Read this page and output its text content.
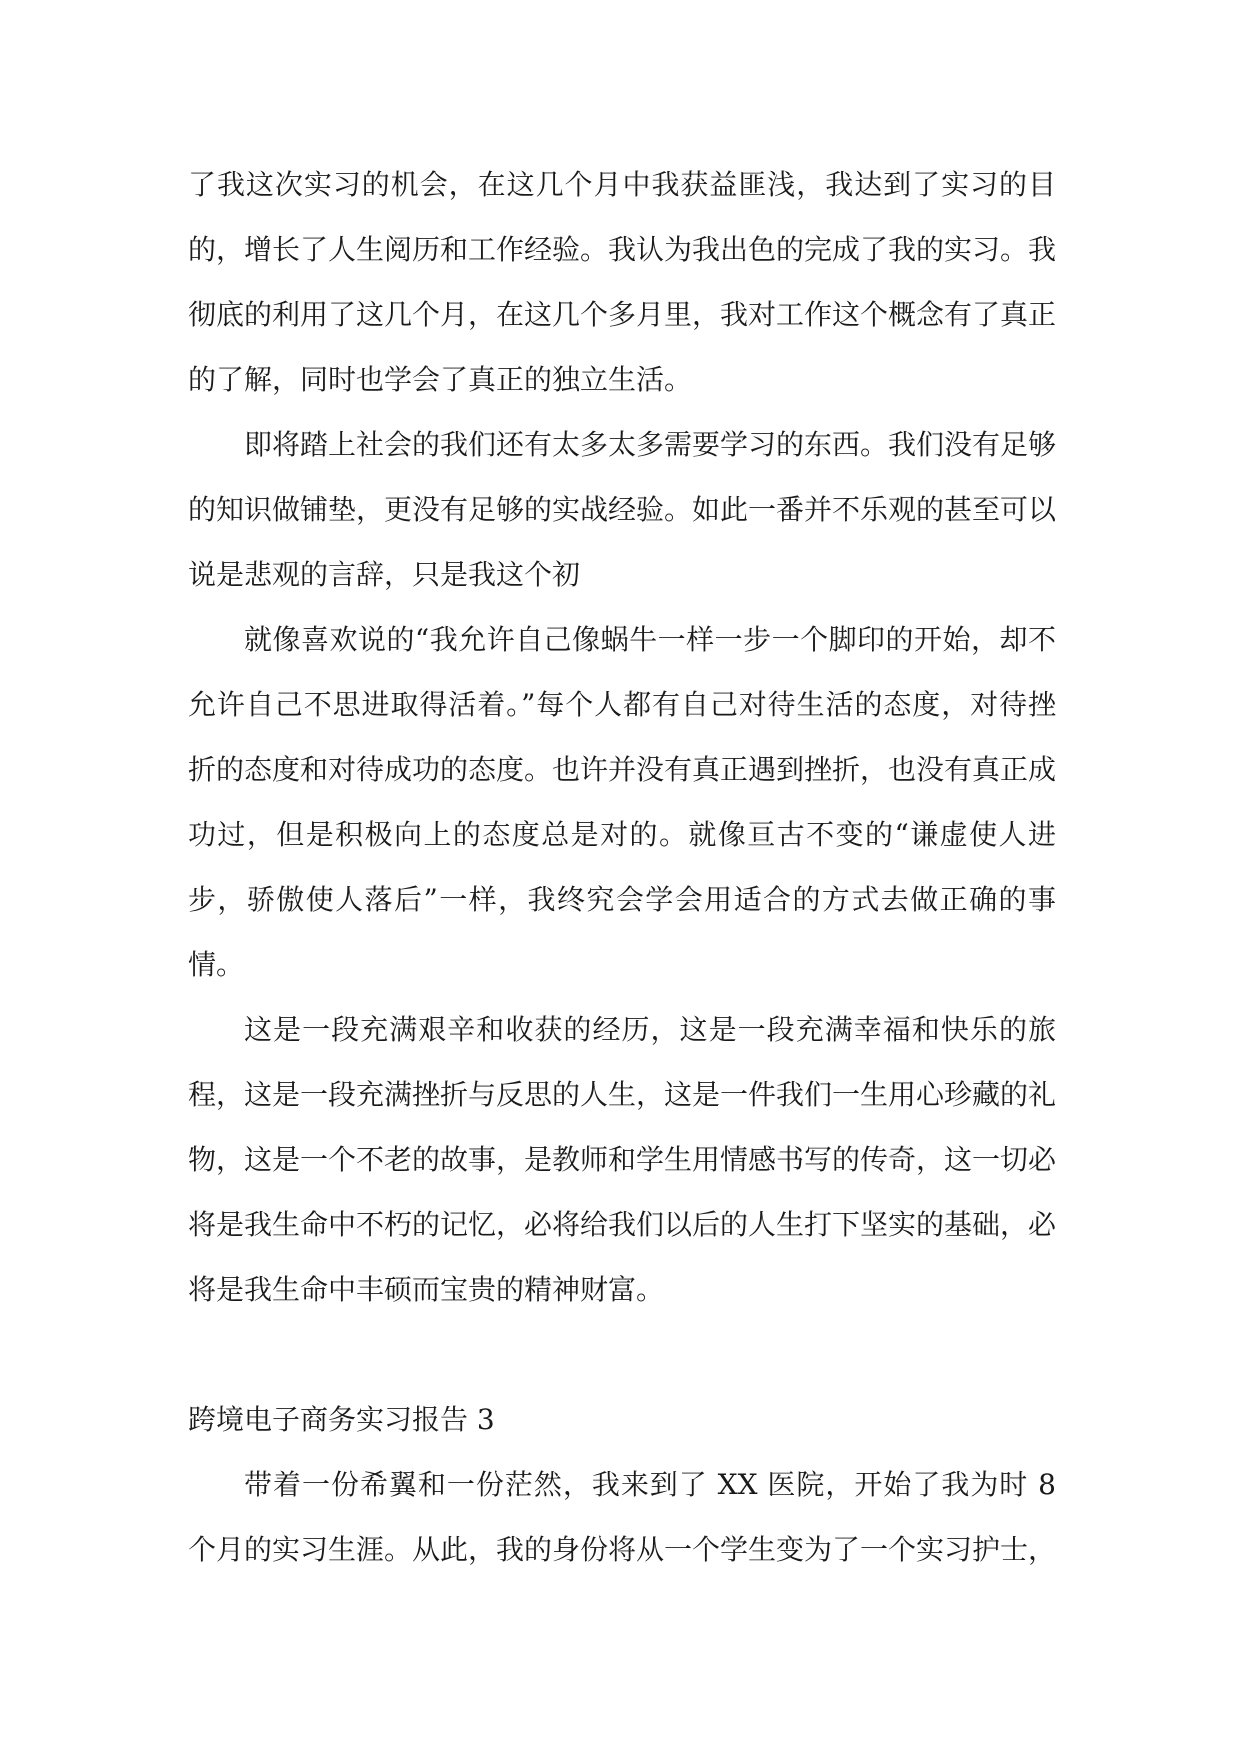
了我这次实习的机会，在这几个月中我获益匪浅，我达到了实习的目的，增长了人生阅历和工作经验。我认为我出色的完成了我的实习。我彻底的利用了这几个月，在这几个多月里，我对工作这个概念有了真正的了解，同时也学会了真正的独立生活。

即将踏上社会的我们还有太多太多需要学习的东西。我们没有足够的知识做铺垫，更没有足够的实战经验。如此一番并不乐观的甚至可以说是悲观的言辞，只是我这个初

就像喜欢说的“我允许自己像蜗牛一样一步一个脚印的开始，却不允许自己不思进取得活着。”每个人都有自己对待生活的态度，对待挫折的态度和对待成功的态度。也许并没有真正遇到挫折，也没有真正成功过，但是积极向上的态度总是对的。就像亘古不变的“谦虚使人进步，骄傲使人落后”一样，我终究会学会用适合的方式去做正确的事情。

这是一段充满艰辛和收获的经历，这是一段充满幸福和快乐的旅程，这是一段充满挫折与反思的人生，这是一件我们一生用心珍藏的礼物，这是一个不老的故事，是教师和学生用情感书写的传奇，这一切必将是我生命中不朽的记忆，必将给我们以后的人生打下坚实的基础，必将是我生命中丰硕而宝贵的精神财富。

跨境电子商务实习报告 3

带着一份希翼和一份茫然，我来到了 XX 医院，开始了我为时 8 个月的实习生涯。从此，我的身份将从一个学生变为了一个实习护士，
